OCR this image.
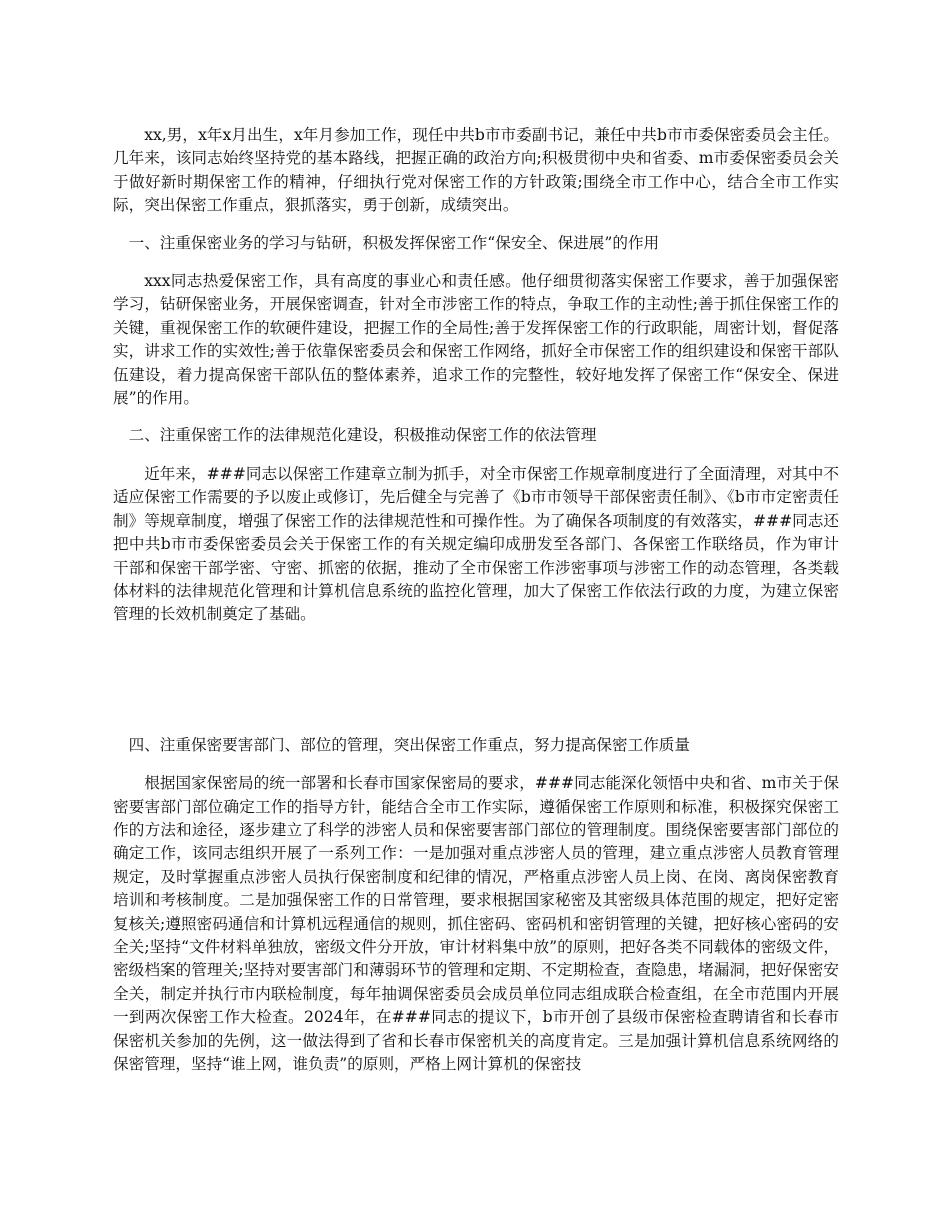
xx,男，x年x月出生，x年月参加工作，现任中共b市市委副书记，兼任中共b市市委保密委员会主任。几年来，该同志始终坚持党的基本路线，把握正确的政治方向;积极贯彻中央和省委、m市委保密委员会关于做好新时期保密工作的精神，仔细执行党对保密工作的方针政策;围绕全市工作中心，结合全市工作实际，突出保密工作重点，狠抓落实，勇于创新，成绩突出。

一、注重保密业务的学习与钻研，积极发挥保密工作“保安全、保进展”的作用

xxx同志热爱保密工作，具有高度的事业心和责任感。他仔细贯彻落实保密工作要求，善于加强保密学习，钻研保密业务，开展保密调查，针对全市涉密工作的特点，争取工作的主动性;善于抓住保密工作的关键，重视保密工作的软硬件建设，把握工作的全局性;善于发挥保密工作的行政职能，周密计划，督促落实，讲求工作的实效性;善于依靠保密委员会和保密工作网络，抓好全市保密工作的组织建设和保密干部队伍建设，着力提高保密干部队伍的整体素养，追求工作的完整性，较好地发挥了保密工作“保安全、保进展”的作用。

二、注重保密工作的法律规范化建设，积极推动保密工作的依法管理

近年来，###同志以保密工作建章立制为抓手，对全市保密工作规章制度进行了全面清理，对其中不适应保密工作需要的予以废止或修订，先后健全与完善了《b市市领导干部保密责任制》、《b市市定密责任制》等规章制度，增强了保密工作的法律规范性和可操作性。为了确保各项制度的有效落实，###同志还把中共b市市委保密委员会关于保密工作的有关规定编印成册发至各部门、各保密工作联络员，作为审计干部和保密干部学密、守密、抓密的依据，推动了全市保密工作涉密事项与涉密工作的动态管理，各类载体材料的法律规范化管理和计算机信息系统的监控化管理，加大了保密工作依法行政的力度，为建立保密管理的长效机制奠定了基础。

四、注重保密要害部门、部位的管理，突出保密工作重点，努力提高保密工作质量

根据国家保密局的统一部署和长春市国家保密局的要求，###同志能深化领悟中央和省、m市关于保密要害部门部位确定工作的指导方针，能结合全市工作实际，遵循保密工作原则和标准，积极探究保密工作的方法和途径，逐步建立了科学的涉密人员和保密要害部门部位的管理制度。围绕保密要害部门部位的确定工作，该同志组织开展了一系列工作：一是加强对重点涉密人员的管理，建立重点涉密人员教育管理规定，及时掌握重点涉密人员执行保密制度和纪律的情况，严格重点涉密人员上岗、在岗、离岗保密教育培训和考核制度。二是加强保密工作的日常管理，要求根据国家秘密及其密级具体范围的规定，把好定密复核关;遵照密码通信和计算机远程通信的规则，抓住密码、密码机和密钥管理的关键，把好核心密码的安全关;坚持“文件材料单独放，密级文件分开放，审计材料集中放”的原则，把好各类不同载体的密级文件，密级档案的管理关;坚持对要害部门和薄弱环节的管理和定期、不定期检查，查隐患，堵漏洞，把好保密安全关，制定并执行市内联检制度，每年抽调保密委员会成员单位同志组成联合检查组，在全市范围内开展一到两次保密工作大检查。2024年，在###同志的提议下，b市开创了县级市保密检查聘请省和长春市保密机关参加的先例，这一做法得到了省和长春市保密机关的高度肯定。三是加强计算机信息系统网络的保密管理，坚持“谁上网，谁负责”的原则，严格上网计算机的保密技
